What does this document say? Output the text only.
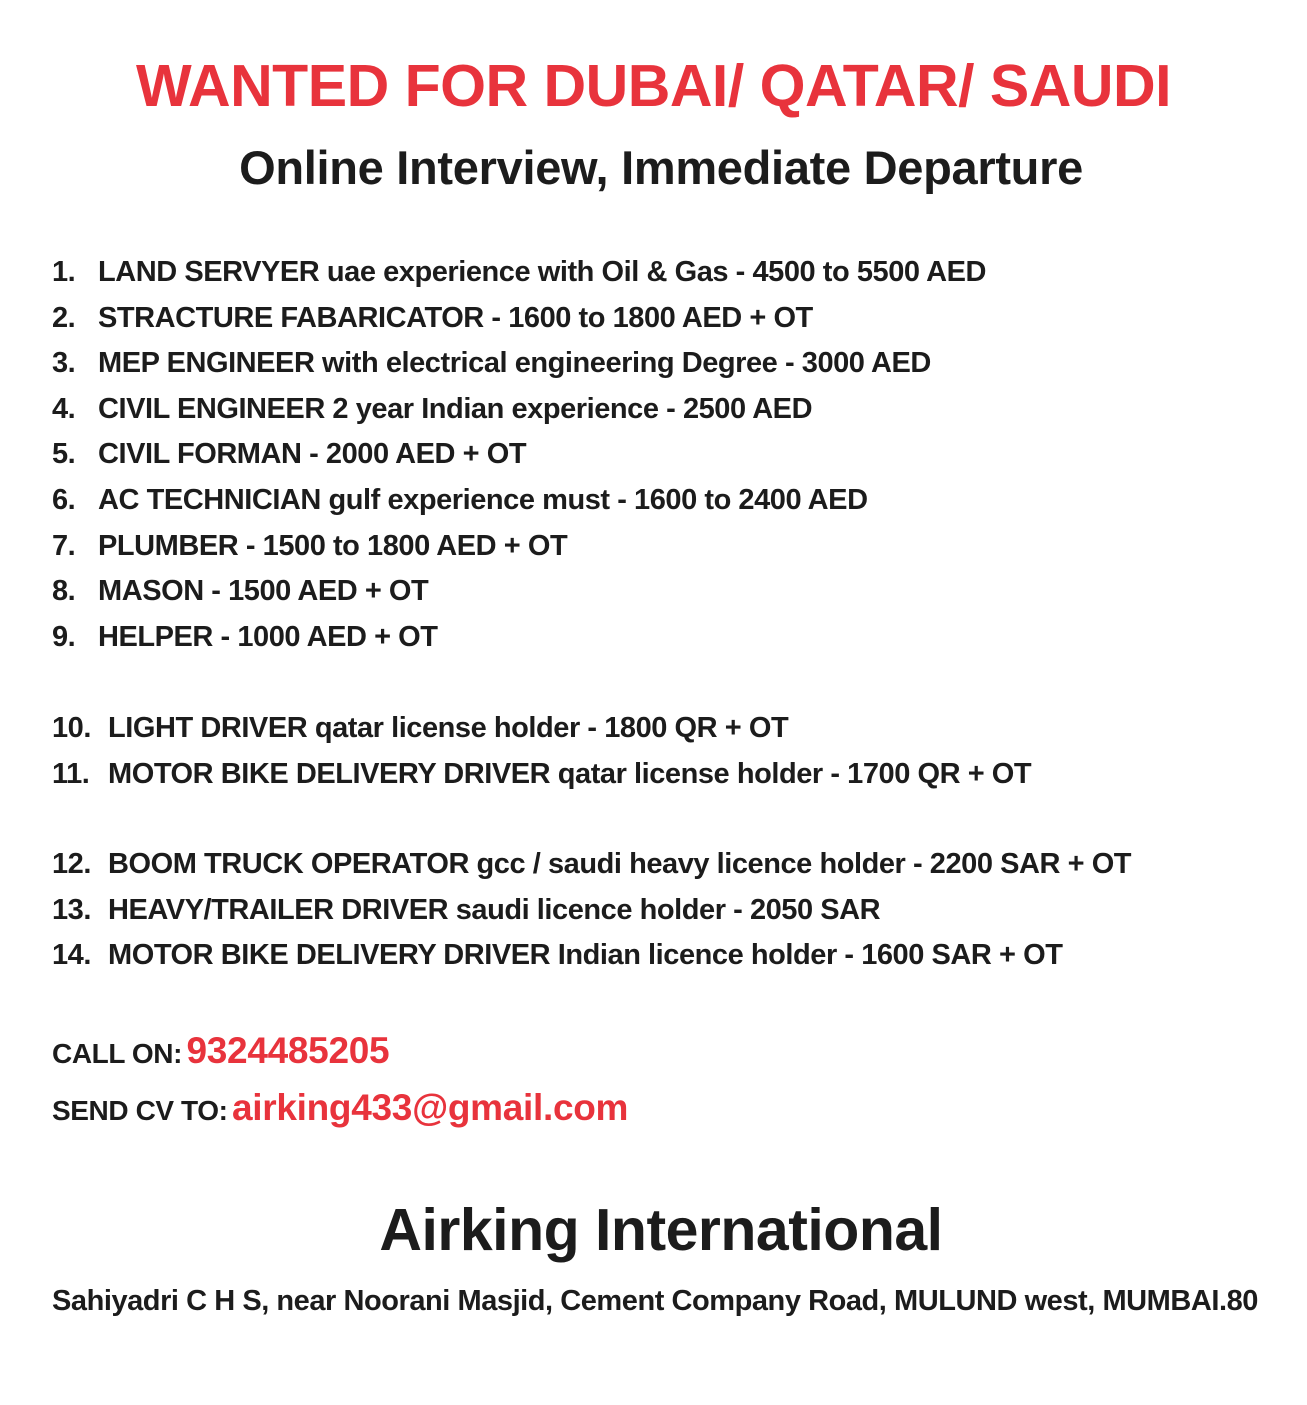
WANTED FOR DUBAI/ QATAR/ SAUDI
Online Interview, Immediate Departure
1. LAND SERVYER uae experience with Oil & Gas - 4500 to 5500 AED
2. STRACTURE FABARICATOR - 1600 to 1800 AED + OT
3. MEP ENGINEER with electrical engineering Degree - 3000 AED
4. CIVIL ENGINEER 2 year Indian experience - 2500 AED
5. CIVIL FORMAN - 2000 AED + OT
6. AC TECHNICIAN gulf experience must - 1600 to 2400 AED
7. PLUMBER - 1500 to 1800 AED + OT
8. MASON - 1500 AED + OT
9. HELPER - 1000 AED + OT
10. LIGHT DRIVER qatar license holder - 1800 QR + OT
11. MOTOR BIKE DELIVERY DRIVER qatar license holder - 1700 QR + OT
12. BOOM TRUCK OPERATOR gcc / saudi heavy licence holder - 2200 SAR + OT
13. HEAVY/TRAILER DRIVER saudi licence holder - 2050 SAR
14. MOTOR BIKE DELIVERY DRIVER Indian licence holder - 1600 SAR + OT
CALL ON: 9324485205
SEND CV TO: airking433@gmail.com
Airking International
Sahiyadri C H S, near Noorani Masjid, Cement Company Road, MULUND west, MUMBAI.80
